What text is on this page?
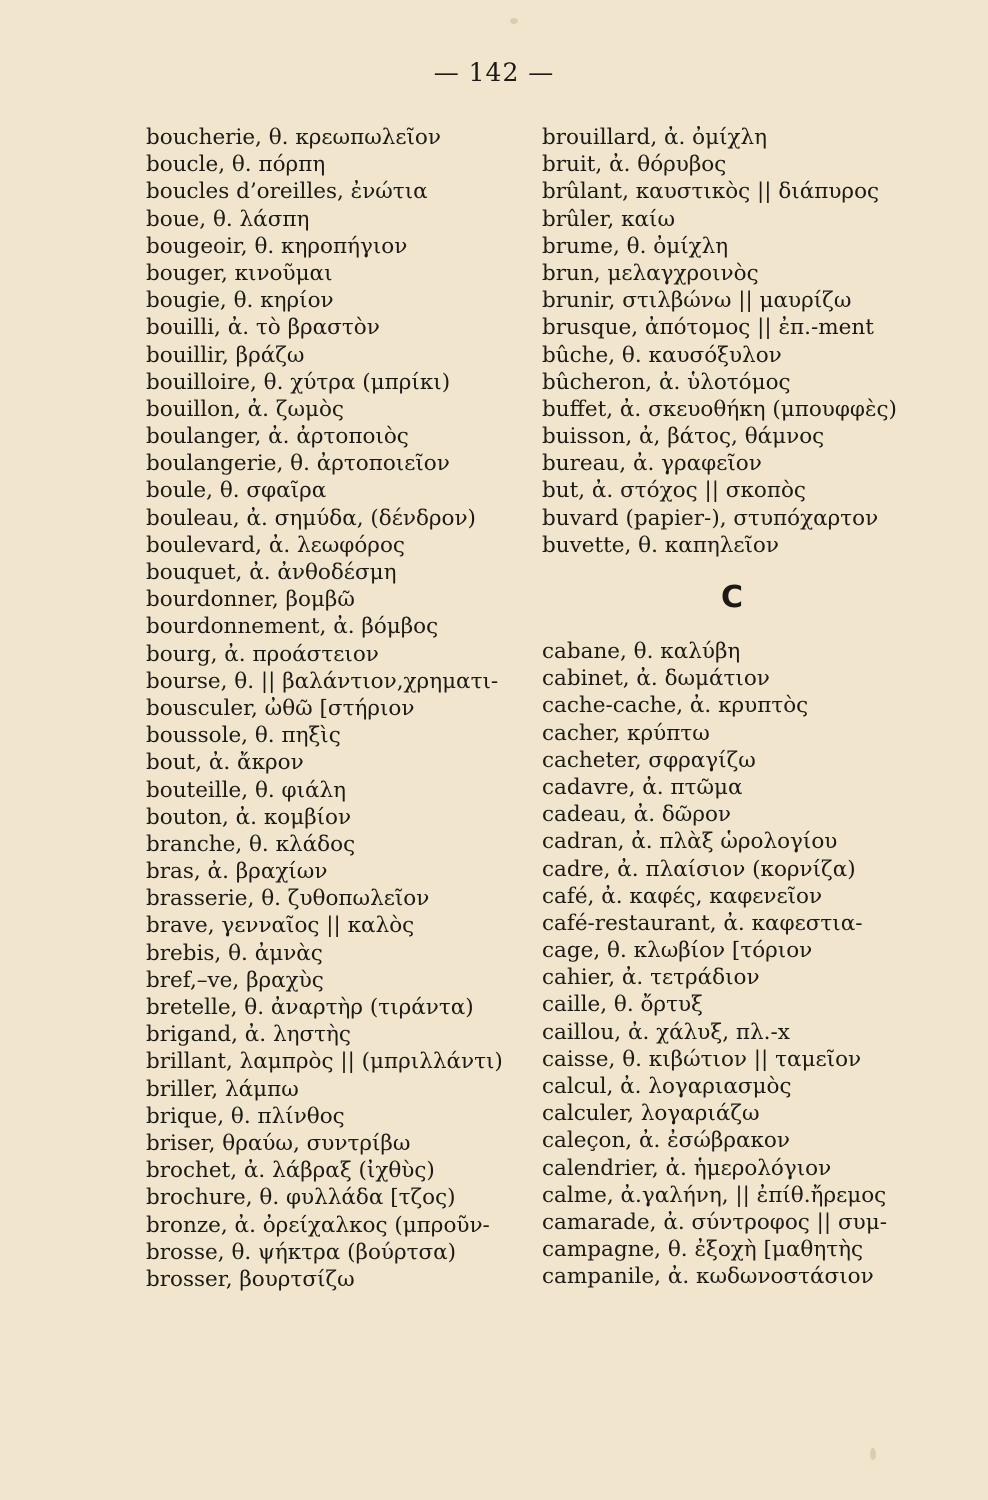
— 142 —
boucherie, θ. κρεωπωλεῖον
boucle, θ. πόρπη
boucles d’oreilles, ἐνώτια
boue, θ. λάσπη
bougeoir, θ. κηροπήγιον
bouger, κινοῦμαι
bougie, θ. κηρίον
bouilli, ἀ. τὸ βραστὸν
bouillir, βράζω
bouilloire, θ. χύτρα (μπρίκι)
bouillon, ἀ. ζωμὸς
boulanger, ἀ. ἀρτοποιὸς
boulangerie, θ. ἀρτοποιεῖον
boule, θ. σφαῖρα
bouleau, ἀ. σημύδα, (δένδρον)
boulevard, ἀ. λεωφόρος
bouquet, ἀ. ἀνθοδέσμη
bourdonner, βομβῶ
bourdonnement, ἀ. βόμβος
bourg, ἀ. προάστειον
bourse, θ. || βαλάντιον,χρηματι-
bousculer, ὠθῶ [στήριον
boussole, θ. πηξὶς
bout, ἀ. ἄκρον
bouteille, θ. φιάλη
bouton, ἀ. κομβίον
branche, θ. κλάδος
bras, ἀ. βραχίων
brasserie, θ. ζυθοπωλεῖον
brave, γενναῖος || καλὸς
brebis, θ. ἀμνὰς
bref,–ve, βραχὺς
bretelle, θ. ἀναρτὴρ (τιράντα)
brigand, ἀ. ληστὴς
brillant, λαμπρὸς || (μπριλλάντι)
briller, λάμπω
brique, θ. πλίνθος
briser, θραύω, συντρίβω
brochet, ἀ. λάβραξ (ἰχθὺς)
brochure, θ. φυλλάδα [τζος)
bronze, ἀ. ὀρείχαλκος (μπροῦν-
brosse, θ. ψήκτρα (βούρτσα)
brosser, βουρτσίζω
brouillard, ἀ. ὀμίχλη
bruit, ἀ. θόρυβος
brûlant, καυστικὸς || διάπυρος
brûler, καίω
brume, θ. ὀμίχλη
brun, μελαγχροινὸς
brunir, στιλβώνω || μαυρίζω
brusque, ἀπότομος || ἐπ.-ment
bûche, θ. καυσόξυλον
bûcheron, ἀ. ὑλοτόμος
buffet, ἀ. σκευοθήκη (μπουφφὲς)
buisson, ἀ, βάτος, θάμνος
bureau, ἀ. γραφεῖον
but, ἀ. στόχος || σκοπὸς
buvard (papier-), στυπόχαρτον
buvette, θ. καπηλεῖον
C
cabane, θ. καλύβη
cabinet, ἀ. δωμάτιον
cache-cache, ἀ. κρυπτὸς
cacher, κρύπτω
cacheter, σφραγίζω
cadavre, ἀ. πτῶμα
cadeau, ἀ. δῶρον
cadran, ἀ. πλὰξ ὡρολογίου
cadre, ἀ. πλαίσιον (κορνίζα)
café, ἀ. καφές, καφενεῖον
café-restaurant, ἀ. καφεστια-
cage, θ. κλωβίον [τόριον
cahier, ἀ. τετράδιον
caille, θ. ὄρτυξ
caillou, ἀ. χάλυξ, πλ.-x
caisse, θ. κιβώτιον || ταμεῖον
calcul, ἀ. λογαριασμὸς
calculer, λογαριάζω
caleçon, ἀ. ἐσώβρακον
calendrier, ἀ. ἡμερολόγιον
calme, ἀ.γαλήνη, || ἐπίθ.ἤρεμος
camarade, ἀ. σύντροφος || συμ-
campagne, θ. ἐξοχὴ [μαθητὴς
campanile, ἀ. κωδωνοστάσιον
